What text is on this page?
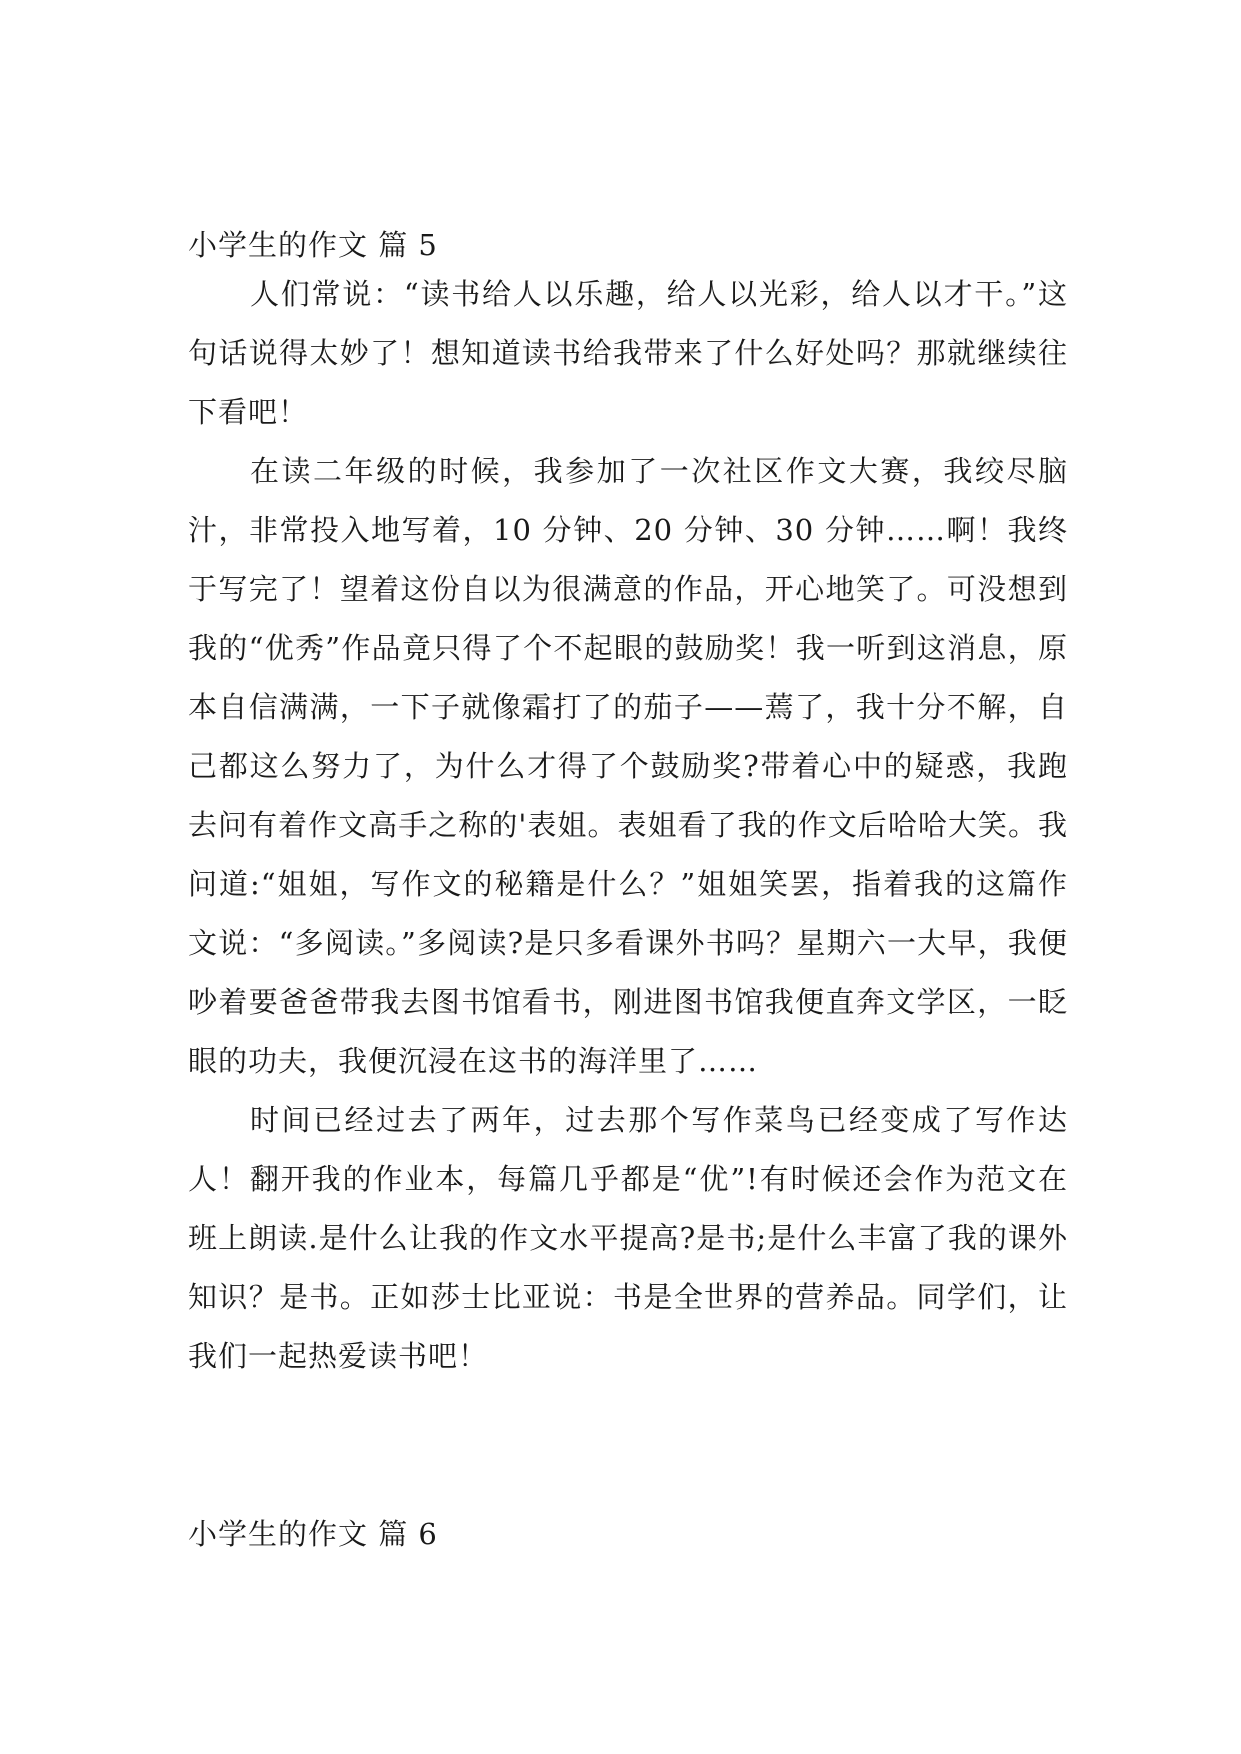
小学生的作文 篇 5

人们常说：“读书给人以乐趣，给人以光彩，给人以才干。”这句话说得太妙了！想知道读书给我带来了什么好处吗？那就继续往下看吧！

在读二年级的时候，我参加了一次社区作文大赛，我绞尽脑汁，非常投入地写着，10 分钟、20 分钟、30 分钟……啊！我终于写完了！望着这份自以为很满意的作品，开心地笑了。可没想到我的“优秀”作品竟只得了个不起眼的鼓励奖！我一听到这消息，原本自信满满，一下子就像霜打了的茄子——蔫了，我十分不解，自己都这么努力了，为什么才得了个鼓励奖?带着心中的疑惑，我跑去问有着作文高手之称的'表姐。表姐看了我的作文后哈哈大笑。我问道:“姐姐，写作文的秘籍是什么？”姐姐笑罢，指着我的这篇作文说：“多阅读。”多阅读?是只多看课外书吗？星期六一大早，我便吵着要爸爸带我去图书馆看书，刚进图书馆我便直奔文学区，一眨眼的功夫，我便沉浸在这书的海洋里了……

时间已经过去了两年，过去那个写作菜鸟已经变成了写作达人！翻开我的作业本，每篇几乎都是“优”!有时候还会作为范文在班上朗读.是什么让我的作文水平提高?是书;是什么丰富了我的课外知识？是书。正如莎士比亚说：书是全世界的营养品。同学们，让我们一起热爱读书吧！

小学生的作文 篇 6
